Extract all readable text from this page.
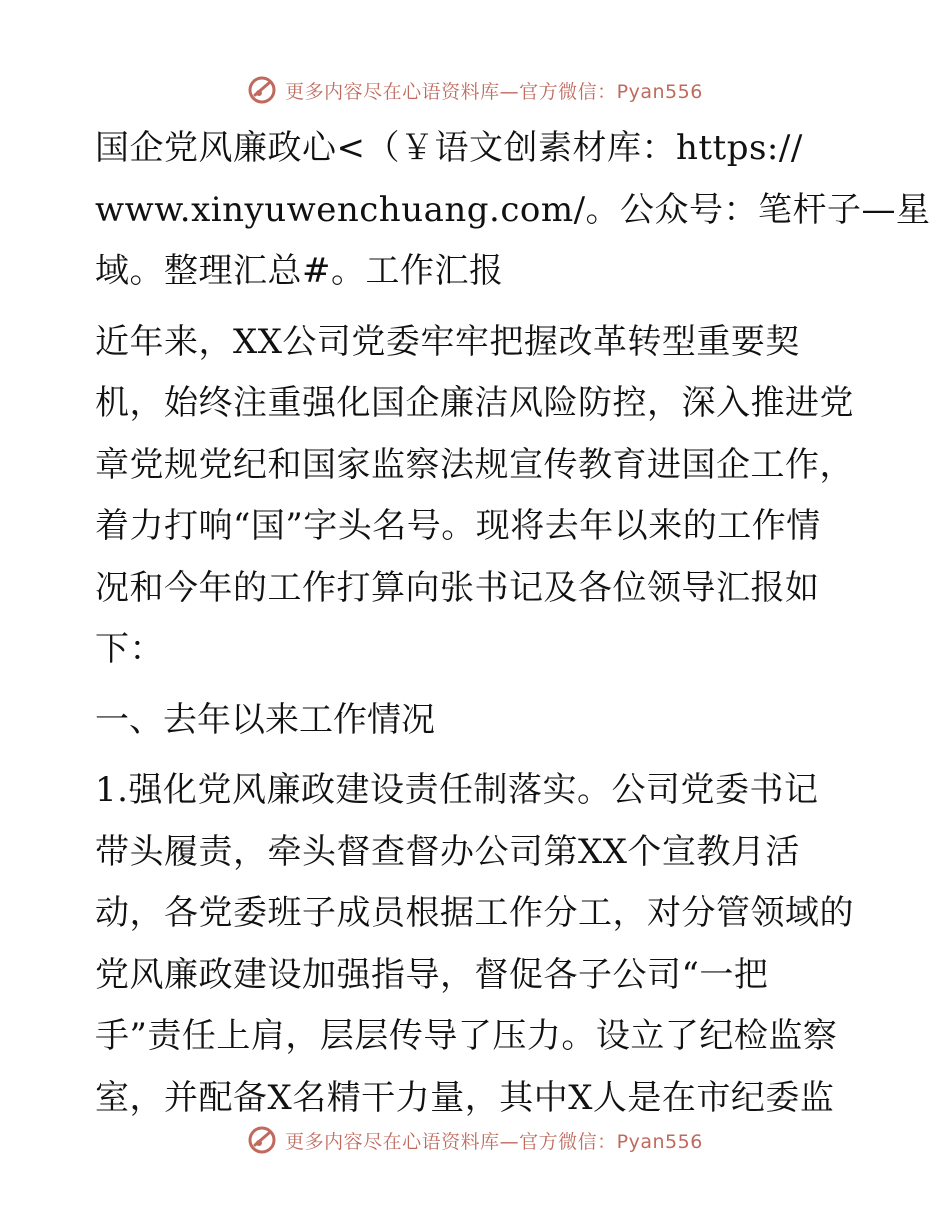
更多内容尽在心语资料库—官方微信：Pyan556

国企党风廉政心<（￥语文创素材库：https://
www.xinyuwenchuang.com/。公众号：笔杆子—星
域。整理汇总#。工作汇报

近年来，XX公司党委牢牢把握改革转型重要契
机，始终注重强化国企廉洁风险防控，深入推进党
章党规党纪和国家监察法规宣传教育进国企工作，
着力打响“国”字头名号。现将去年以来的工作情
况和今年的工作打算向张书记及各位领导汇报如
下：

一、去年以来工作情况

1.强化党风廉政建设责任制落实。公司党委书记
带头履责，牵头督查督办公司第XX个宣教月活
动，各党委班子成员根据工作分工，对分管领域的
党风廉政建设加强指导，督促各子公司“一把
手”责任上肩，层层传导了压力。设立了纪检监察
室，并配备X名精干力量，其中X人是在市纪委监

更多内容尽在心语资料库—官方微信：Pyan556
